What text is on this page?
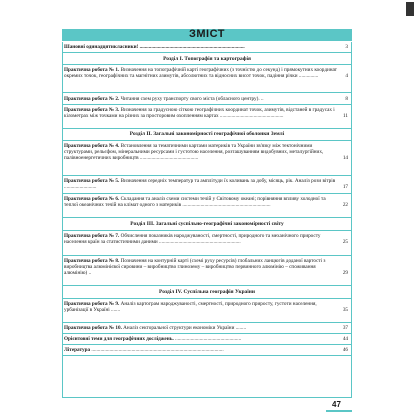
ЗМІСТ
Шановні одинадцятикласники! .................................................................................	3
Розділ І. Топографія та картографія
Практична робота № 1. Визначення на топографічній карті географічних (з точністю до секунд) і прямокутних координат окремих точок, географічних та магнітних азимутів, абсолютних та відносних висот точок, падіння річки ...............	4
Практична робота № 2. Читання схем руху транспорту свого міста (обласного центру). ..	8
Практична робота № 3. Визначення за градусною сіткою географічних координат точок, азимутів, відстаней в градусах і кілометрах між точками на різних за просторовим охопленням картах .................................................	11
Розділ ІІ. Загальні закономірності географічної оболонки Землі
Практична робота № 4. Встановлення за тематичними картами материків та України зв'язку між тектонічними структурами, рельєфом, мінеральними ресурсами і густотою населення, розташуванням видобувних, металургійних, палівноенергетичних виробництв .............................................	14
Практична робота № 5. Визначення середніх температур та амплітуди їх коливань за добу, місяць, рік. Аналіз рози вітрів .........................	17
Практична робота № 6. Складання та аналіз схеми системи течій у Світовому океані; порівняння впливу холодної та теплої океанічних течій на клімат одного з материків ....................................................................	22
Розділ ІІІ. Загальні суспільно-географічні закономірності світу
Практична робота № 7. Обчислення показників народжуваності, смертності, природного та механічного приросту населення країн за статистичними даними ...............................................................	25
Практична робота № 8. Позначення на контурній карті (схемі руху ресурсів) глобальних ланцюгів доданої вартості з виробництва алюмінієвої сировини – виробництво глинозему – виробництво первинного алюмінію – споживання алюмінію) ..	29
Розділ IV. Суспільна географія України
Практична робота № 9. Аналіз картограм народжуваності, смертності, природного приросту, густоти населення, урбанізації в Україні .......	35
Практична робота № 10. Аналіз секторальної структури економіки України ........	37
Орієнтовні теми для географічних досліджень. ...................................................	44
Література ......................................................................................................	46
47
